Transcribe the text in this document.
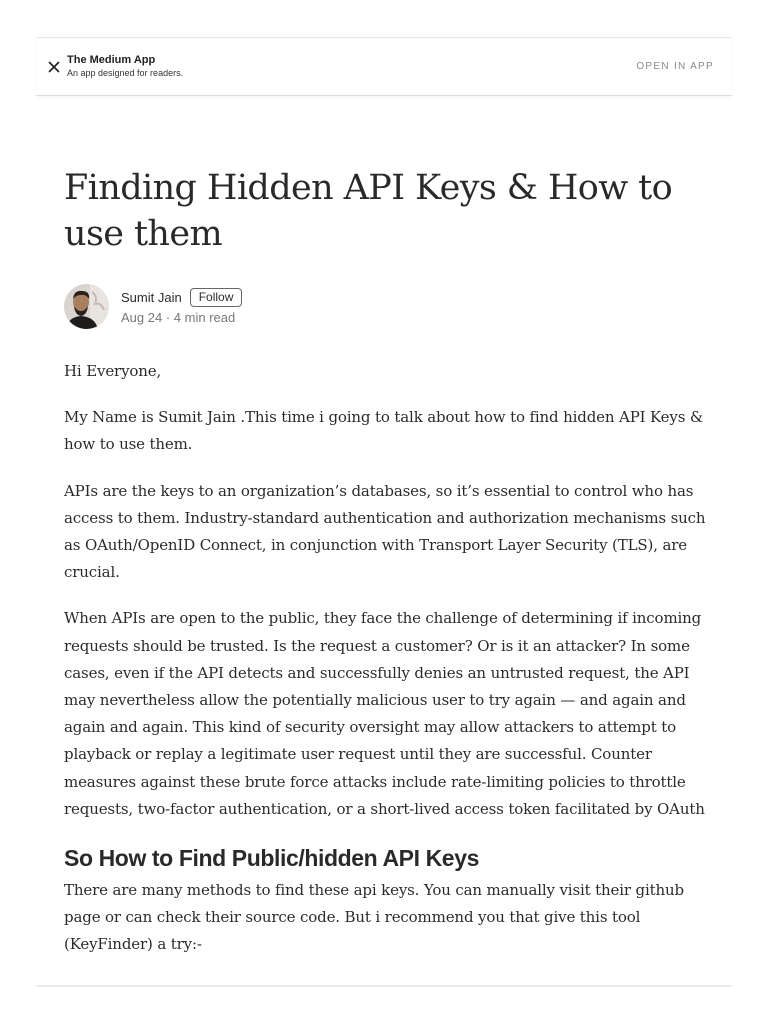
The Medium App
An app designed for readers.
OPEN IN APP
Finding Hidden API Keys & How to use them
Sumit Jain	Follow
Aug 24 · 4 min read

Hi Everyone,

My Name is Sumit Jain .This time i going to talk about how to find hidden API Keys & how to use them.

APIs are the keys to an organization’s databases, so it’s essential to control who has access to them. Industry-standard authentication and authorization mechanisms such as OAuth/OpenID Connect, in conjunction with Transport Layer Security (TLS), are crucial.

When APIs are open to the public, they face the challenge of determining if incoming requests should be trusted. Is the request a customer? Or is it an attacker? In some cases, even if the API detects and successfully denies an untrusted request, the API may nevertheless allow the potentially malicious user to try again — and again and again and again. This kind of security oversight may allow attackers to attempt to playback or replay a legitimate user request until they are successful. Counter measures against these brute force attacks include rate-limiting policies to throttle requests, two-factor authentication, or a short-lived access token facilitated by OAuth

So How to Find Public/hidden API Keys

There are many methods to find these api keys. You can manually visit their github page or can check their source code. But i recommend you that give this tool (KeyFinder) a try:-
